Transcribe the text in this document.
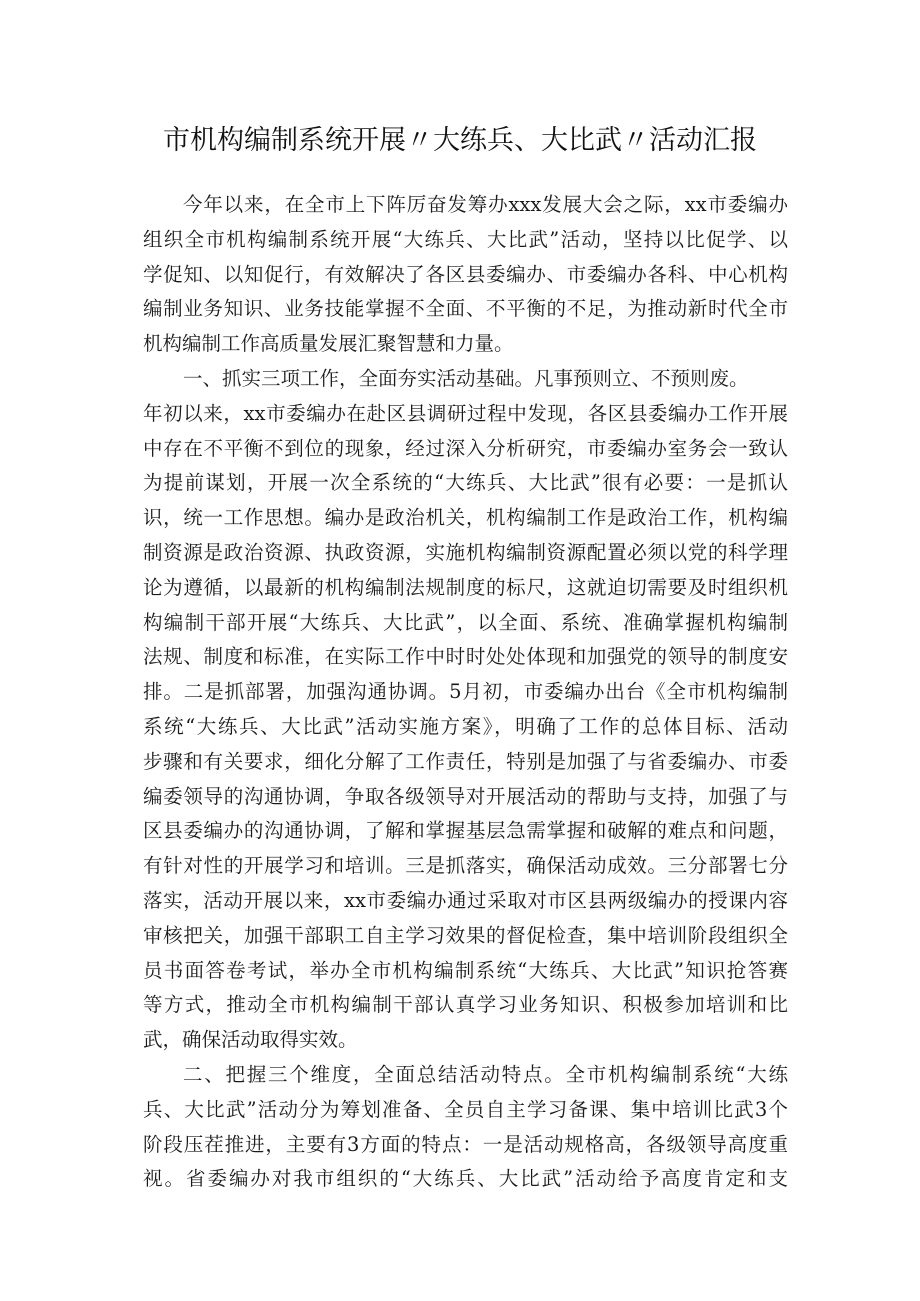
市机构编制系统开展〃大练兵、大比武〃活动汇报
今年以来，在全市上下阵厉奋发筹办xxx发展大会之际，xx市委编办
组织全市机构编制系统开展“大练兵、大比武”活动，坚持以比促学、以
学促知、以知促行，有效解决了各区县委编办、市委编办各科、中心机构
编制业务知识、业务技能掌握不全面、不平衡的不足，为推动新时代全市
机构编制工作高质量发展汇聚智慧和力量。
一、抓实三项工作，全面夯实活动基础。凡事预则立、不预则废。
年初以来，xx市委编办在赴区县调研过程中发现，各区县委编办工作开展
中存在不平衡不到位的现象，经过深入分析研究，市委编办室务会一致认
为提前谋划，开展一次全系统的“大练兵、大比武”很有必要：一是抓认
识，统一工作思想。编办是政治机关，机构编制工作是政治工作，机构编
制资源是政治资源、执政资源，实施机构编制资源配置必须以党的科学理
论为遵循，以最新的机构编制法规制度的标尺，这就迫切需要及时组织机
构编制干部开展“大练兵、大比武”，以全面、系统、准确掌握机构编制
法规、制度和标准，在实际工作中时时处处体现和加强党的领导的制度安
排。二是抓部署，加强沟通协调。5月初，市委编办出台《全市机构编制
系统“大练兵、大比武”活动实施方案》，明确了工作的总体目标、活动
步骤和有关要求，细化分解了工作责任，特别是加强了与省委编办、市委
编委领导的沟通协调，争取各级领导对开展活动的帮助与支持，加强了与
区县委编办的沟通协调，了解和掌握基层急需掌握和破解的难点和问题，
有针对性的开展学习和培训。三是抓落实，确保活动成效。三分部署七分
落实，活动开展以来，xx市委编办通过采取对市区县两级编办的授课内容
审核把关，加强干部职工自主学习效果的督促检查，集中培训阶段组织全
员书面答卷考试，举办全市机构编制系统“大练兵、大比武”知识抢答赛
等方式，推动全市机构编制干部认真学习业务知识、积极参加培训和比
武，确保活动取得实效。
二、把握三个维度，全面总结活动特点。全市机构编制系统“大练
兵、大比武”活动分为筹划准备、全员自主学习备课、集中培训比武3个
阶段压茬推进，主要有3方面的特点：一是活动规格高，各级领导高度重
视。省委编办对我市组织的“大练兵、大比武”活动给予高度肯定和支
